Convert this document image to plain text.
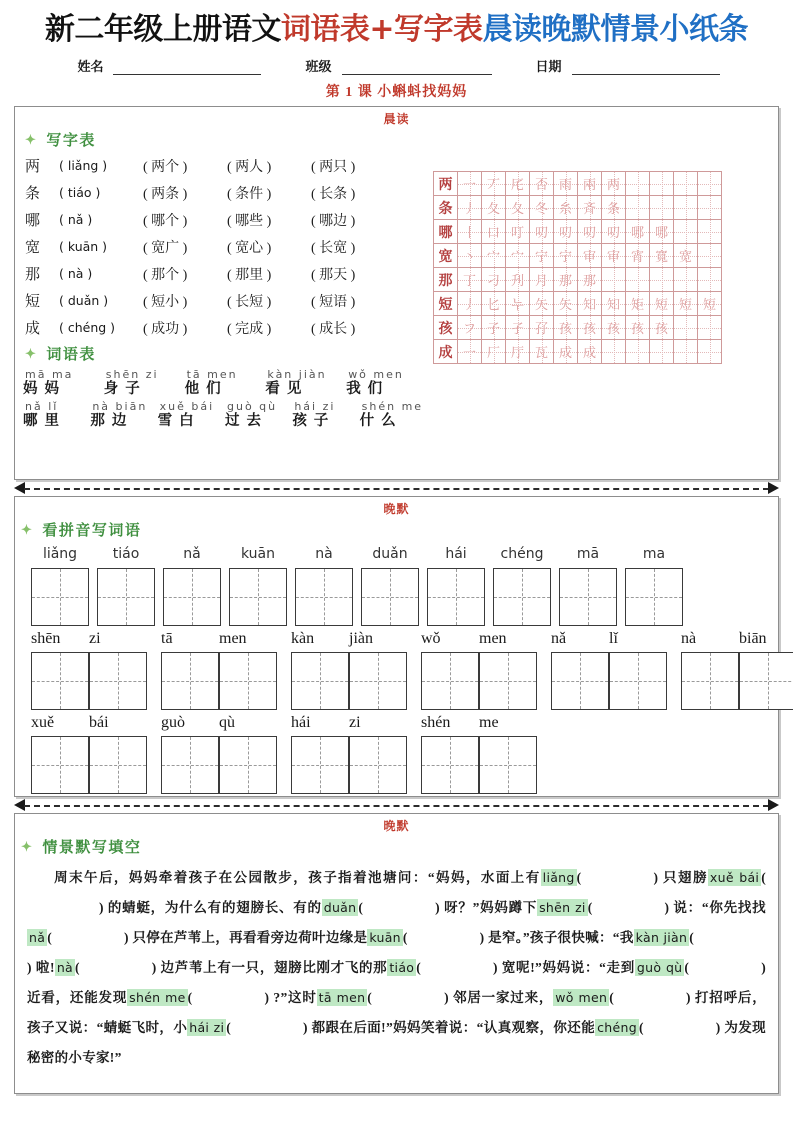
新二年级上册语文词语表+写字表晨读晚默情景小纸条
姓名	班级	日期
第 1 课 小蝌蚪找妈妈
晨读
✦ 写字表
两	( liǎng )	( 两个 )	( 两人 )	( 两只 )
条	( tiáo )	( 两条 )	( 条件 )	( 长条 )
哪	( nǎ )	( 哪个 )	( 哪些 )	( 哪边 )
宽	( kuān )	( 宽广 )	( 宽心 )	( 长宽 )
那	( nà )	( 那个 )	( 那里 )	( 那天 )
短	( duǎn )	( 短小 )	( 长短 )	( 短语 )
成	( chéng )	( 成功 )	( 完成 )	( 成长 )
✦ 词语表
mā ma
妈妈
shēn zi
身子
tā men
他们
kàn jiàn
看见
wǒ men
我们
nǎ lǐ
哪里
nà biān
那边
xuě bái
雪白
guò qù
过去
hái zi
孩子
shén me
什么
两 一 丆 厇 否 雨 兩 两
条 丿 夂 夂 冬 糸 斉 条
哪 丨 口 叮 叨 叨 叨 叨 哪 哪
宽 丶 宀 宀 宁 宁 审 审 宵 寬 宽
那 丁 刁 刋 月 那 那
短 丿 匕 누 矢 矢 知 知 矩 短 短 短
孩 フ 子 孑 孖 孩 孩 孩 孩 孩
成 一 厂 厅 瓦 成 成
晚默
✦ 看拼音写词语
liǎng	tiáo	nǎ	kuān	nà	duǎn	hái	chéng	mā	ma
shēn	zi	tā	men	kàn	jiàn	wǒ	men	nǎ	lǐ	nà	biān
xuě	bái	guò	qù	hái	zi	shén	me
晚默
✦ 情景默写填空
周末午后，妈妈牵着孩子在公园散步，孩子指着池塘问：“妈妈，水面上有 liǎng (	) 只翅膀 xuě bái () 的蜻蜓，为什么有的翅膀长、有的 duǎn (	) 呀？”妈妈蹲下 shēn zi (	) 说：“你先找找nǎ (	) 只停在芦苇上，再看看旁边荷叶边缘是 kuān (	) 是窄。”孩子很快喊：“我 kàn jiàn () 啦! nà (	) 边芦苇上有一只，翅膀比刚才飞的那 tiáo (	) 宽呢!”妈妈说：“走到 guò qù (	) 近看，还能发现 shén me (	) ?”这时 tā men (	) 邻居一家过来， wǒ men (	) 打招呼后，孩子又说：“蜻蜓飞时，小 hái zi (	) 都跟在后面!”妈妈笑着说：“认真观察，你还能 chéng (	) 为发现秘密的小专家!”
